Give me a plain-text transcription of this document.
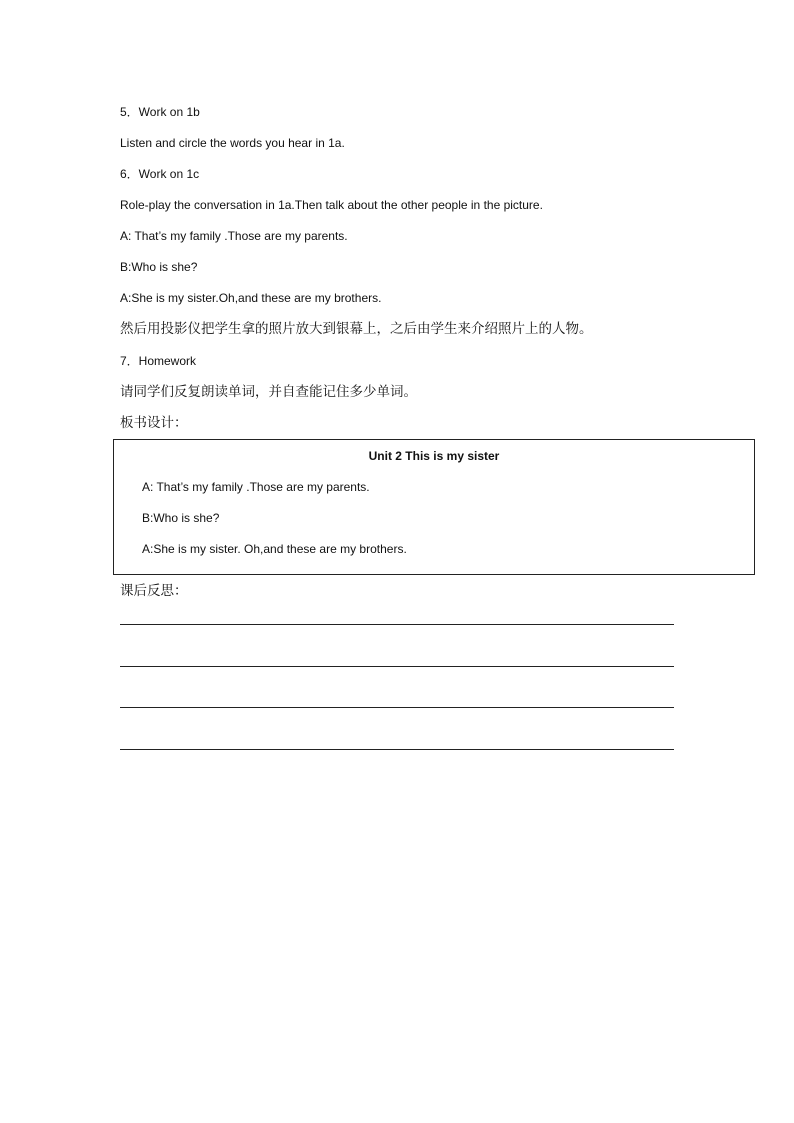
5．Work on 1b
Listen and circle the words you hear in 1a.
6．Work on 1c
Role-play the conversation in 1a.Then talk about the other people in the picture.
A: That’s my family .Those are my parents.
B:Who is she?
A:She is my sister.Oh,and these are my brothers.
然后用投影仪把学生拿的照片放大到银幕上，之后由学生来介绍照片上的人物。
7．Homework
请同学们反复朗读单词，并自查能记住多少单词。
板书设计：
Unit 2 This is my sister
A: That’s my family .Those are my parents.
B:Who is she?
A:She is my sister. Oh,and these are my brothers.
课后反思：
